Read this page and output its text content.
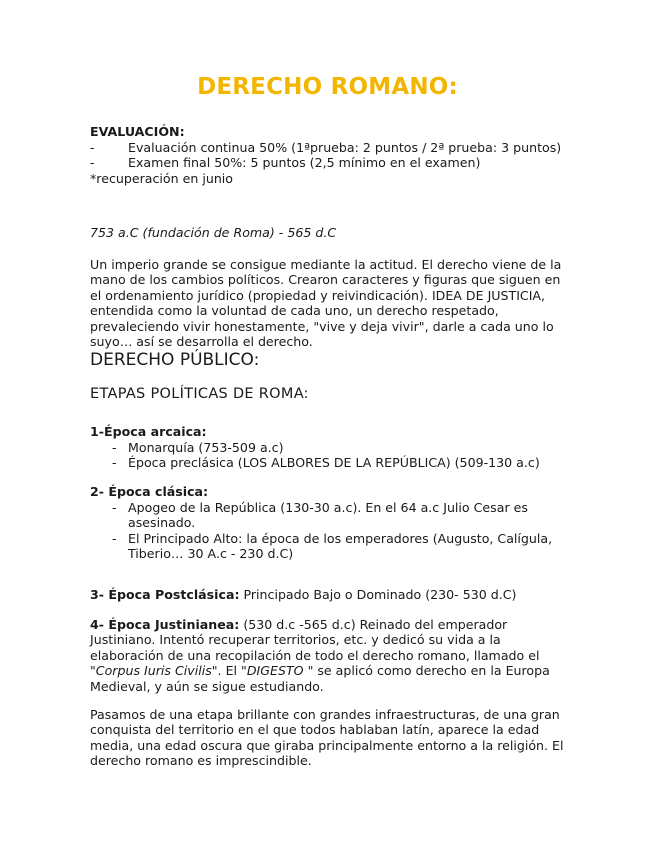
DERECHO ROMANO:

EVALUACIÓN:

-	Evaluación continua 50% (1ªprueba: 2 puntos / 2ª prueba: 3 puntos)
-	Examen final 50%: 5 puntos (2,5 mínimo en el examen)

*recuperación en junio

753 a.C (fundación de Roma) - 565 d.C

Un imperio grande se consigue mediante la actitud. El derecho viene de la mano de los cambios políticos. Crearon caracteres y figuras que siguen en el ordenamiento jurídico (propiedad y reivindicación). IDEA DE JUSTICIA, entendida como la voluntad de cada uno, un derecho respetado, prevaleciendo vivir honestamente, "vive y deja vivir", darle a cada uno lo suyo… así se desarrolla el derecho.

DERECHO PÚBLICO:
ETAPAS POLÍTICAS DE ROMA:

1-Época arcaica:

- Monarquía (753-509 a.c)
- Época preclásica (LOS ALBORES DE LA REPÚBLICA) (509-130 a.c)

2- Época clásica:

- Apogeo de la República (130-30 a.c). En el 64 a.c Julio Cesar es asesinado.
- El Principado Alto: la época de los emperadores (Augusto, Calígula, Tiberio… 30 A.c - 230 d.C)

3- Época Postclásica: Principado Bajo o Dominado (230- 530 d.C)

4- Época Justinianea: (530 d.c -565 d.c) Reinado del emperador Justiniano. Intentó recuperar territorios, etc. y dedicó su vida a la elaboración de una recopilación de todo el derecho romano, llamado el "Corpus Iuris Civilis". El "DIGESTO " se aplicó como derecho en la Europa Medieval, y aún se sigue estudiando.

Pasamos de una etapa brillante con grandes infraestructuras, de una gran conquista del territorio en el que todos hablaban latín, aparece la edad media, una edad oscura que giraba principalmente entorno a la religión. El derecho romano es imprescindible.
